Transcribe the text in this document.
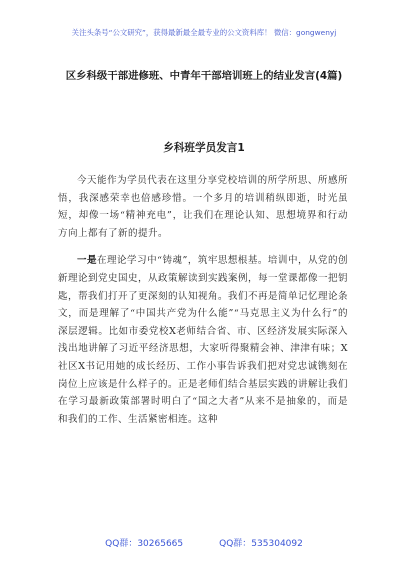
关注头条号“公文研究”，获得最新最全最专业的公文资料库！ 微信：gongwenyj
区乡科级干部进修班、中青年干部培训班上的结业发言(4篇)
乡科班学员发言1

今天能作为学员代表在这里分享党校培训的所学所思、所感所悟，我深感荣幸也倍感珍惜。一个多月的培训稍纵即逝，时光虽短，却像一场“精神充电”，让我们在理论认知、思想境界和行动方向上都有了新的提升。

一是在理论学习中“铸魂”，筑牢思想根基。培训中，从党的创新理论到党史国史，从政策解读到实践案例，每一堂课都像一把钥匙，帮我们打开了更深刻的认知视角。我们不再是简单记忆理论条文，而是理解了“中国共产党为什么能”“马克思主义为什么行”的深层逻辑。比如市委党校X老师结合省、市、区经济发展实际深入浅出地讲解了习近平经济思想，大家听得聚精会神、津津有味；X社区X书记用她的成长经历、工作小事告诉我们把对党忠诚镌刻在岗位上应该是什么样子的。正是老师们结合基层实践的讲解让我们在学习最新政策部署时明白了“国之大者”从来不是抽象的，而是和我们的工作、生活紧密相连。这种

QQ群：30265665	QQ群：535304092
